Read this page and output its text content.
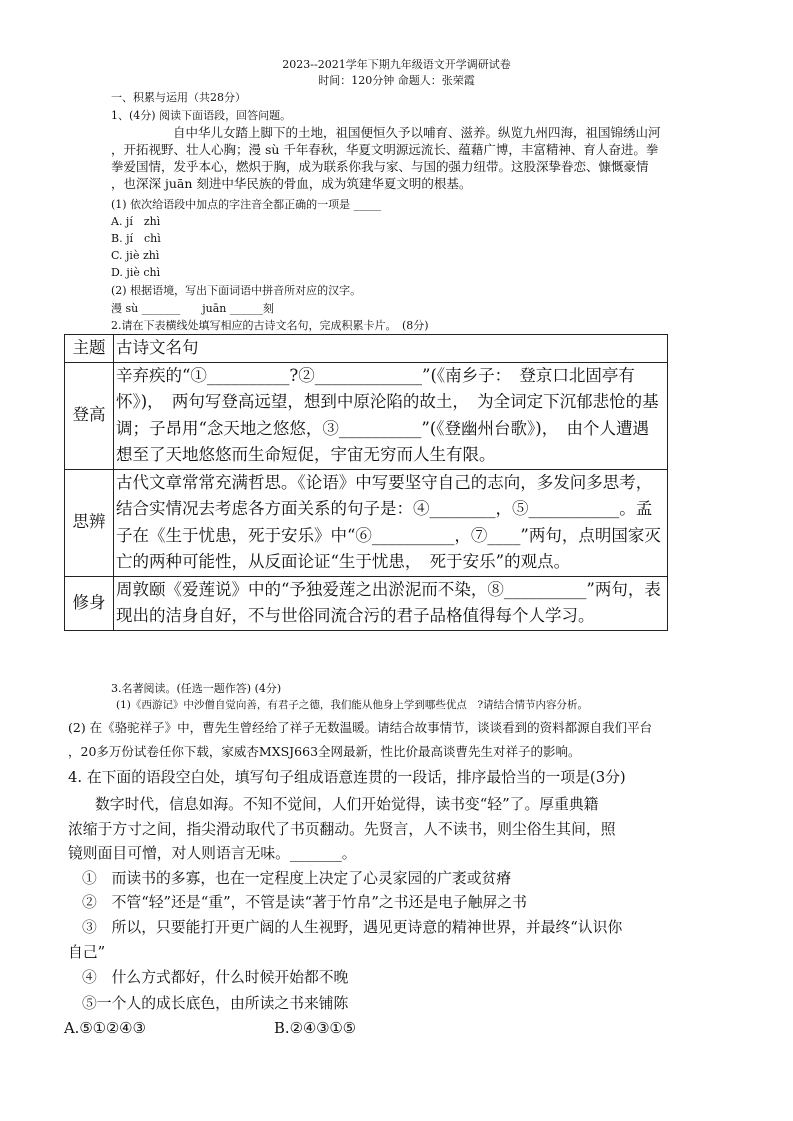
2023--2021学年下期九年级语文开学调研试卷
时间：120分钟 命题人：张荣霞
一、积累与运用（共28分）
1、(4分) 阅读下面语段，回答问题。
自中华儿女踏上脚下的土地，祖国便恒久予以哺育、滋养。纵览九州四海，祖国锦绣山河
，开拓视野、壮人心胸；漫 sù 千年春秋，华夏文明源远流长、蕴藉广博，丰富精神、育人奋进。拳
拳爱国情，发乎本心，燃炽于胸，成为联系你我与家、与国的强力纽带。这股深挚眷恋、慷慨豪情
，也深深 juān 刻进中华民族的骨血，成为筑建华夏文明的根基。
(1) 依次给语段中加点的字注音全都正确的一项是 _____
A. jí　zhì
B. jí　chì
C. jiè zhì
D. jiè chì
(2) 根据语境，写出下面词语中拼音所对应的汉字。
漫 sù _______　　juān ______刻
2.请在下表横线处填写相应的古诗文名句，完成积累卡片。　(8分)
主题	古诗文名句
登高	辛弃疾的“①__________?②_____________”(《南乡子：　登京口北固亭有怀》)，　两句写登高远望，想到中原沦陷的故土，　为全词定下沉郁悲怆的基调；子昂用“念天地之悠悠，③__________”(《登幽州台歌》)，　由个人遭遇想至了天地悠悠而生命短促，宇宙无穷而人生有限。
思辨	古代文章常常充满哲思。《论语》中写要坚守自己的志向，多发问多思考，　结合实情况去考虑各方面关系的句子是：④________，⑤___________。孟子在《生于忧患，死于安乐》中“⑥__________，⑦____”两句，点明国家灭亡的两种可能性，从反面论证“生于忧患，　死于安乐”的观点。
修身	周敦颐《爱莲说》中的“予独爱莲之出淤泥而不染，⑧__________”两句，表现出的洁身自好，不与世俗同流合污的君子品格值得每个人学习。
3.名著阅读。(任选一题作答) (4分)
(1)《西游记》中沙僧自觉向善，有君子之德，我们能从他身上学到哪些优点　?请结合情节内容分析。
(2) 在《骆驼祥子》中，曹先生曾经给了祥子无数温暖。请结合故事情节，谈谈看到的资料都源自我们平台
，20多万份试卷任你下载，家威杏MXSJ663全网最新，性比价最高谈曹先生对祥子的影响。
4. 在下面的语段空白处，填写句子组成语意连贯的一段话，排序最恰当的一项是(3分)
数字时代，信息如海。不知不觉间，人们开始觉得，读书变“轻”了。厚重典籍
浓缩于方寸之间，指尖滑动取代了书页翻动。先贤言，人不读书，则尘俗生其间，照
镜则面目可憎，对人则语言无味。_______。
①　而读书的多寡，也在一定程度上决定了心灵家园的广袤或贫瘠
②　不管“轻”还是“重”，不管是读“著于竹帛”之书还是电子触屏之书
③　所以，只要能打开更广阔的人生视野，遇见更诗意的精神世界，并最终“认识你
自己”
④　什么方式都好，什么时候开始都不晚
⑤一个人的成长底色，由所读之书来铺陈
A.⑤①②④③	B.②④③①⑤
